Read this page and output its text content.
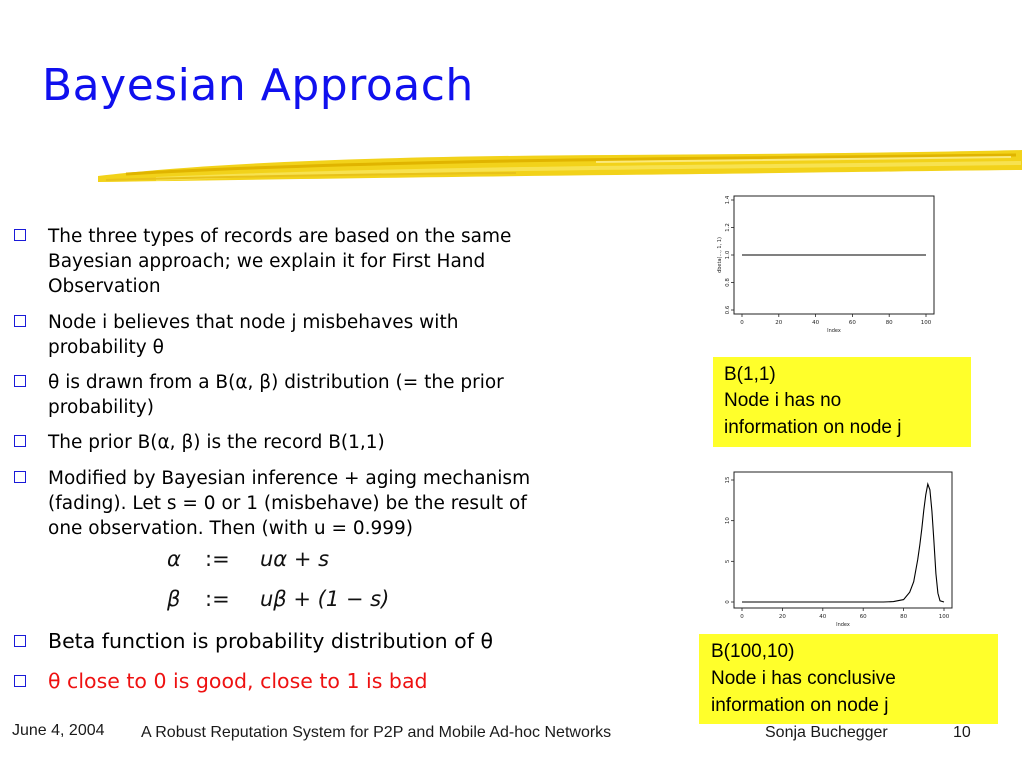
Bayesian Approach
The three types of records are based on the same
Bayesian approach; we explain it for First Hand
Observation
Node i believes that node j misbehaves with
probability θ
θ is drawn from a B(α, β) distribution (= the prior
probability)
The prior B(α, β) is the record B(1,1)
Modified by Bayesian inference + aging mechanism
(fading). Let s = 0 or 1 (misbehave) be the result of
one observation. Then (with u = 0.999)
Beta function is probability distribution of θ
θ close to 0 is good, close to 1 is bad
α := uα + s
β := uβ + (1 − s)
0	20	40	60	80	100
0.6
0.8
1.0
1.2
1.4
Index
dbeta(..., 1, 1)
B(1,1)
Node i has no
information on node j
0	20	40	60	80	100
0
5
10
15
Index
B(100,10)
Node i has conclusive
information on node j
June 4, 2004 A Robust Reputation System for P2P and Mobile Ad-hoc Networks	Sonja Buchegger	10
